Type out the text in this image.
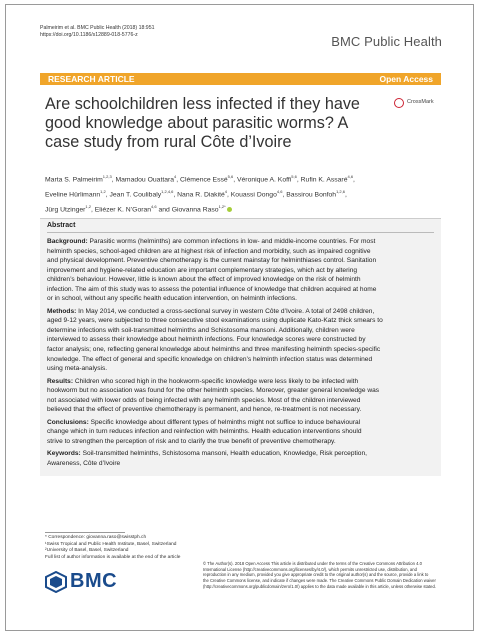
Palmeirim et al. BMC Public Health (2018) 18:951
https://doi.org/10.1186/s12889-018-5776-z	BMC Public Health
RESEARCH ARTICLE	Open Access
Are schoolchildren less infected if they have good knowledge about parasitic worms? A case study from rural Côte d’Ivoire
CrossMark
Marta S. Palmeirim$^{1,2,3}$, Mamadou Ouattara$^4$, Clémence Essé$^{5,6}$, Véronique A. Koffi$^{5,6}$, Rufin K. Assaré$^{4,6}$,
Eveline Hürlimann$^{1,2}$, Jean T. Coulibaly$^{1,2,4,6}$, Nana R. Diakité$^4$, Kouassi Dongo$^{4,6}$, Bassirou Bonfoh$^{1,2,6}$,
Jürg Utzinger$^{1,2}$, Eliézer K. N’Goran$^{4,6}$ and Giovanna Raso$^{1,2*}$
Abstract

Background: Parasitic worms (helminths) are common infections in low- and middle-income countries. For most
helminth species, school-aged children are at highest risk of infection and morbidity, such as impaired cognitive
and physical development. Preventive chemotherapy is the current mainstay for helminthiases control. Sanitation
improvement and hygiene-related education are important complementary strategies, which act by altering
children’s behaviour. However, little is known about the effect of improved knowledge on the risk of helminth
infection. The aim of this study was to assess the potential influence of knowledge that children acquired at home
or in school, without any specific health education intervention, on helminth infections.

Methods: In May 2014, we conducted a cross-sectional survey in western Côte d’Ivoire. A total of 2498 children,
aged 9-12 years, were subjected to three consecutive stool examinations using duplicate Kato-Katz thick smears to
determine infections with soil-transmitted helminths and Schistosoma mansoni. Additionally, children were
interviewed to assess their knowledge about helminth infections. Four knowledge scores were constructed by
factor analysis; one, reflecting general knowledge about helminths and three manifesting helminth species-specific
knowledge. The effect of general and specific knowledge on children’s helminth infection status was determined
using meta-analysis.

Results: Children who scored high in the hookworm-specific knowledge were less likely to be infected with
hookworm but no association was found for the other helminth species. Moreover, greater general knowledge was
not associated with lower odds of being infected with any helminth species. Most of the children interviewed
believed that the effect of preventive chemotherapy is permanent, and hence, re-treatment is not necessary.

Conclusions: Specific knowledge about different types of helminths might not suffice to induce behavioural
change which in turn reduces infection and reinfection with helminths. Health education interventions should
strive to strengthen the perception of risk and to clarify the true benefit of preventive chemotherapy.

Keywords: Soil-transmitted helminths, Schistosoma mansoni, Health education, Knowledge, Risk perception,
Awareness, Côte d’Ivoire

* Correspondence: giovanna.raso@swisstph.ch
¹Swiss Tropical and Public Health Institute, Basel, Switzerland
²University of Basel, Basel, Switzerland
Full list of author information is available at the end of the article
BMC
© The Author(s). 2018 Open Access This article is distributed under the terms of the Creative Commons Attribution 4.0
International License (http://creativecommons.org/licenses/by/4.0/), which permits unrestricted use, distribution, and
reproduction in any medium, provided you give appropriate credit to the original author(s) and the source, provide a link to
the Creative Commons license, and indicate if changes were made. The Creative Commons Public Domain Dedication waiver
(http://creativecommons.org/publicdomain/zero/1.0/) applies to the data made available in this article, unless otherwise stated.
